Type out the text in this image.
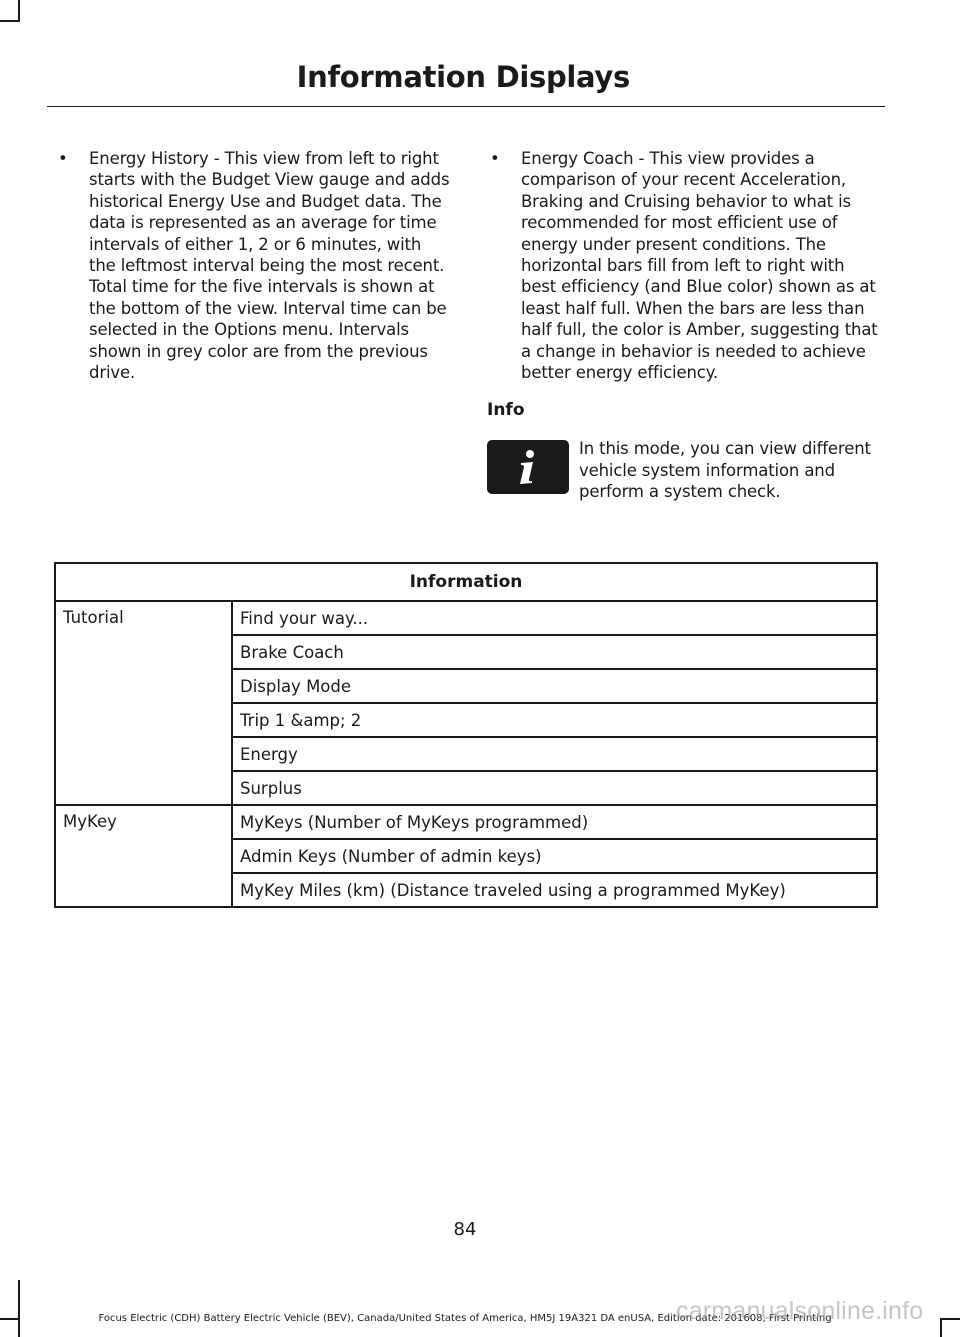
Information Displays
• Energy History - This view from left to right starts with the Budget View gauge and adds historical Energy Use and Budget data. The data is represented as an average for time intervals of either 1, 2 or 6 minutes, with the leftmost interval being the most recent. Total time for the five intervals is shown at the bottom of the view. Interval time can be selected in the Options menu. Intervals shown in grey color are from the previous drive.
• Energy Coach - This view provides a comparison of your recent Acceleration, Braking and Cruising behavior to what is recommended for most efficient use of energy under present conditions. The horizontal bars fill from left to right with best efficiency (and Blue color) shown as at least half full. When the bars are less than half full, the color is Amber, suggesting that a change in behavior is needed to achieve better energy efficiency.
Info
In this mode, you can view different vehicle system information and perform a system check.
Information	
Tutorial	Find your way...
	Brake Coach
	Display Mode
	Trip 1 &amp; 2
	Energy
	Surplus
MyKey	MyKeys (Number of MyKeys programmed)
	Admin Keys (Number of admin keys)
	MyKey Miles (km) (Distance traveled using a programmed MyKey)
84
Focus Electric (CDH) Battery Electric Vehicle (BEV), Canada/United States of America, HM5J 19A321 DA enUSA, Edition date: 201608, First Printing
carmanualsonline.info
